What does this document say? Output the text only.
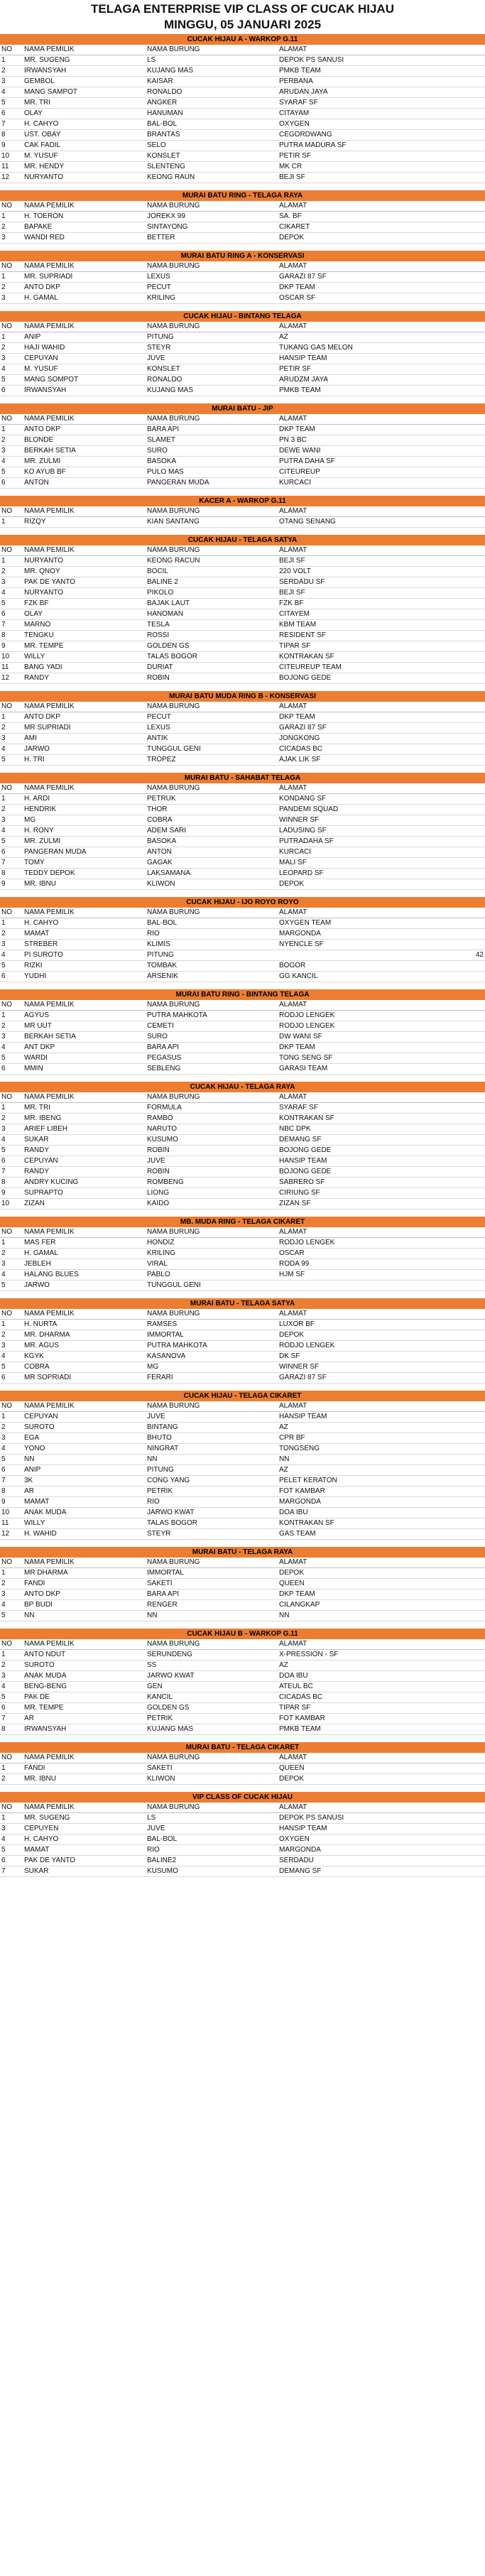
TELAGA ENTERPRISE VIP CLASS OF CUCAK HIJAU
MINGGU, 05 JANUARI 2025
CUCAK HIJAU A - WARKOP G.11
NO	NAMA PEMILIK	NAMA BURUNG	ALAMAT	
1	MR. SUGENG	LS	DEPOK PS SANUSI	
2	IRWANSYAH	KUJANG MAS	PMKB TEAM	
3	GEMBOL	KAISAR	PERBANA	
4	MANG SAMPOT	RONALDO	ARUDAN JAYA	
5	MR. TRI	ANGKER	SYARAF SF	
6	OLAY	HANUMAN	CITAYAM	
7	H. CAHYO	BAL-BOL	OXYGEN	
8	UST. OBAY	BRANTAS	CEGORDWANG	
9	CAK FADIL	SELO	PUTRA MADURA SF	
10	M. YUSUF	KONSLET	PETIR SF	
11	MR. HENDY	SLENTENG	MK CR	
12	NURYANTO	KEONG RAUN	BEJI SF	
MURAI BATU RING - TELAGA RAYA
NO	NAMA PEMILIK	NAMA BURUNG	ALAMAT	
1	H. TOERON	JOREKX 99	SA. BF	
2	BAPAKE	SINTAYONG	CIKARET	
3	WANDI RED	BETTER	DEPOK	
MURAI BATU RING A - KONSERVASI
NO	NAMA PEMILIK	NAMA BURUNG	ALAMAT	
1	MR. SUPRIADI	LEXUS	GARAZI 87 SF	
2	ANTO DKP	PECUT	DKP TEAM	
3	H. GAMAL	KRILING	OSCAR SF	
CUCAK HIJAU - BINTANG TELAGA
NO	NAMA PEMILIK	NAMA BURUNG	ALAMAT	
1	ANIP	PITUNG	AZ	
2	HAJI WAHID	STEYR	TUKANG GAS MELON	
3	CEPUYAN	JUVE	HANSIP TEAM	
4	M. YUSUF	KONSLET	PETIR SF	
5	MANG SOMPOT	RONALDO	ARUDZM JAYA	
6	IRWANSYAH	KUJANG MAS	PMKB TEAM	
MURAI BATU - JIP
NO	NAMA PEMILIK	NAMA BURUNG	ALAMAT	
1	ANTO DKP	BARA API	DKP TEAM	
2	BLONDE	SLAMET	PN 3 BC	
3	BERKAH SETIA	SURO	DEWE WANI	
4	MR. ZULMI	BASOKA	PUTRA DAHA SF	
5	KO AYUB BF	PULO MAS	CITEUREUP	
6	ANTON	PANGERAN MUDA	KURCACI	
KACER A - WARKOP G.11
NO	NAMA PEMILIK	NAMA BURUNG	ALAMAT	
1	RIZQY	KIAN SANTANG	OTANG SENANG	
CUCAK HIJAU - TELAGA SATYA
NO	NAMA PEMILIK	NAMA BURUNG	ALAMAT	
1	NURYANTO	KEONG RACUN	BEJI SF	
2	MR. QNOY	BOCIL	220 VOLT	
3	PAK DE YANTO	BALINE 2	SERDADU SF	
4	NURYANTO	PIKOLO	BEJI SF	
5	FZK BF	BAJAK LAUT	FZK BF	
6	OLAY	HANOMAN	CITAYEM	
7	MARNO	TESLA	KBM TEAM	
8	TENGKU	ROSSI	RESIDENT SF	
9	MR. TEMPE	GOLDEN GS	TIPAR SF	
10	WILLY	TALAS BOGOR	KONTRAKAN SF	
11	BANG YADI	DURIAT	CITEUREUP TEAM	
12	RANDY	ROBIN	BOJONG GEDE	
MURAI BATU MUDA RING B - KONSERVASI
NO	NAMA PEMILIK	NAMA BURUNG	ALAMAT	
1	ANTO DKP	PECUT	DKP TEAM	
2	MR SUPRIADI	LEXUS	GARAZI 87 SF	
3	AMI	ANTIK	JONGKONG	
4	JARWO	TUNGGUL GENI	CICADAS BC	
5	H. TRI	TROPEZ	AJAK LIK SF	
MURAI BATU - SAHABAT TELAGA
NO	NAMA PEMILIK	NAMA BURUNG	ALAMAT	
1	H. ARDI	PETRUK	KONDANG SF	
2	HENDRIK	THOR	PANDEMI SQUAD	
3	MG	COBRA	WINNER SF	
4	H. RONY	ADEM SARI	LADUSING SF	
5	MR. ZULMI	BASOKA	PUTRADAHA SF	
6	PANGERAN MUDA	ANTON	KURCACI	
7	TOMY	GAGAK	MALI SF	
8	TEDDY DEPOK	LAKSAMANA	LEOPARD SF	
9	MR. IBNU	KLIWON	DEPOK	
CUCAK HIJAU - IJO ROYO ROYO
NO	NAMA PEMILIK	NAMA BURUNG	ALAMAT	
1	H. CAHYO	BAL-BOL	OXYGEN TEAM	
2	MAMAT	RIO	MARGONDA	
3	STREBER	KLIMIS	NYENCLE SF	
4	PI SUROTO	PITUNG		42
5	RIZKI	TOMBAK	BOGOR	
6	YUDHI	ARSENIK	GG KANCIL	
MURAI BATU RING - BINTANG TELAGA
NO	NAMA PEMILIK	NAMA BURUNG	ALAMAT	
1	AGYUS	PUTRA MAHKOTA	RODJO LENGEK	
2	MR UUT	CEMETI	RODJO LENGEK	
3	BERKAH SETIA	SURO	DW WANI SF	
4	ANT DKP	BARA API	DKP TEAM	
5	WARDI	PEGASUS	TONG SENG SF	
6	MMIN	SEBLENG	GARASI TEAM	
CUCAK HIJAU - TELAGA RAYA
NO	NAMA PEMILIK	NAMA BURUNG	ALAMAT	
1	MR. TRI	FORMULA	SYARAF SF	
2	MR. IBENG	RAMBO	KONTRAKAN SF	
3	ARIEF LIBEH	NARUTO	NBC DPK	
4	SUKAR	KUSUMO	DEMANG SF	
5	RANDY	ROBIN	BOJONG GEDE	
6	CEPUYAN	JUVE	HANSIP TEAM	
7	RANDY	ROBIN	BOJONG GEDE	
8	ANDRY KUCING	ROMBENG	SABRERO SF	
9	SUPRAPTO	LIONG	CIRIUNG SF	
10	ZIZAN	KAIDO	ZIZAN SF	
MB. MUDA RING - TELAGA CIKARET
NO	NAMA PEMILIK	NAMA BURUNG	ALAMAT	
1	MAS FER	HONDIZ	RODJO LENGEK	
2	H. GAMAL	KRILING	OSCAR	
3	JEBLEH	VIRAL	RODA 99	
4	HALANG BLUES	PABLO	HJM SF	
5	JARWO	TUNGGUL GENI		
MURAI BATU - TELAGA SATYA
NO	NAMA PEMILIK	NAMA BURUNG	ALAMAT	
1	H. NURTA	RAMSES	LUXOR BF	
2	MR. DHARMA	IMMORTAL	DEPOK	
3	MR. AGUS	PUTRA MAHKOTA	RODJO LENGEK	
4	KGYK	KASANOVA	DK SF	
5	COBRA	MG	WINNER SF	
6	MR SOPRIADI	FERARI	GARAZI 87 SF	
CUCAK HIJAU - TELAGA CIKARET
NO	NAMA PEMILIK	NAMA BURUNG	ALAMAT	
1	CEPUYAN	JUVE	HANSIP TEAM	
2	SUROTO	BINTANG	AZ	
3	EGA	BHUTO	CPR BF	
4	YONO	NINGRAT	TONGSENG	
5	NN	NN	NN	
6	ANIP	PITUNG	AZ	
7	3K	CONG YANG	PELET KERATON	
8	AR	PETRIK	FOT KAMBAR	
9	MAMAT	RIO	MARGONDA	
10	ANAK MUDA	JARWO KWAT	DOA IBU	
11	WILLY	TALAS BOGOR	KONTRAKAN SF	
12	H. WAHID	STEYR	GAS TEAM	
MURAI BATU - TELAGA RAYA
NO	NAMA PEMILIK	NAMA BURUNG	ALAMAT	
1	MR DHARMA	IMMORTAL	DEPOK	
2	FANDI	SAKETI	QUEEN	
3	ANTO DKP	BARA API	DKP TEAM	
4	BP BUDI	RENGER	CILANGKAP	
5	NN	NN	NN	
CUCAK HIJAU B - WARKOP G.11
NO	NAMA PEMILIK	NAMA BURUNG	ALAMAT	
1	ANTO NDUT	SERUNDENG	X-PRESSION - SF	
2	SUROTO	SS	AZ	
3	ANAK MUDA	JARWO KWAT	DOA IBU	
4	BENG-BENG	GEN	ATEUL BC	
5	PAK DE	KANCIL	CICADAS BC	
6	MR. TEMPE	GOLDEN GS	TIPAR SF	
7	AR	PETRIK	FOT KAMBAR	
8	IRWANSYAH	KUJANG MAS	PMKB TEAM	
MURAI BATU - TELAGA CIKARET
NO	NAMA PEMILIK	NAMA BURUNG	ALAMAT	
1	FANDI	SAKETI	QUEEN	
2	MR. IBNU	KLIWON	DEPOK	
VIP CLASS OF CUCAK HIJAU
NO	NAMA PEMILIK	NAMA BURUNG	ALAMAT	
1	MR. SUGENG	LS	DEPOK PS SANUSI	
3	CEPUYEN	JUVE	HANSIP TEAM	
4	H. CAHYO	BAL-BOL	OXYGEN	
5	MAMAT	RIO	MARGONDA	
6	PAK DE YANTO	BALINE2	SERDADU	
7	SUKAR	KUSUMO	DEMANG SF	
